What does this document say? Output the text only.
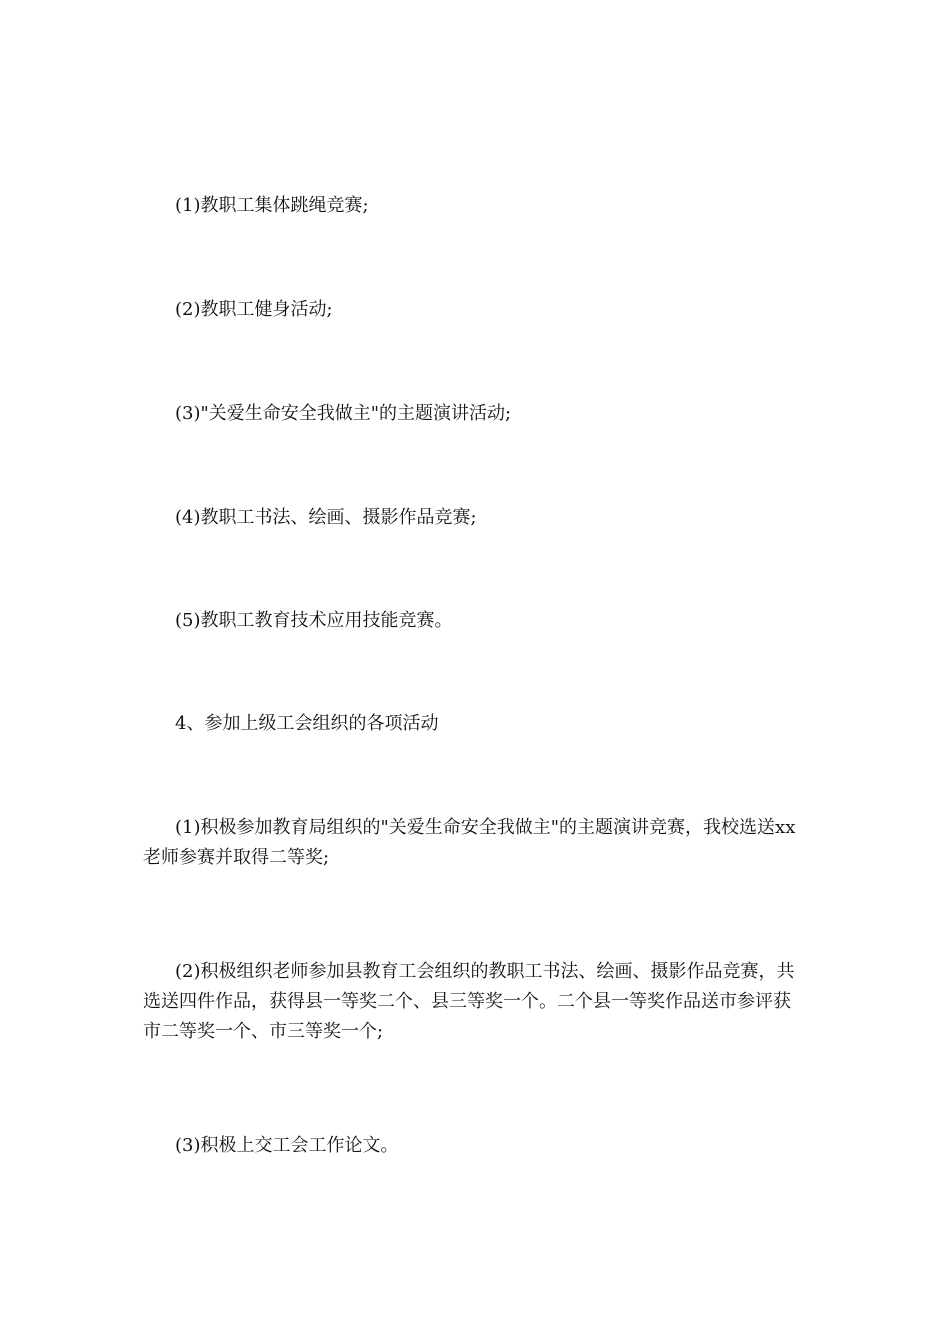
(1)教职工集体跳绳竞赛;

(2)教职工健身活动;

(3)"关爱生命安全我做主"的主题演讲活动;

(4)教职工书法、绘画、摄影作品竞赛;

(5)教职工教育技术应用技能竞赛。

4、参加上级工会组织的各项活动

(1)积极参加教育局组织的"关爱生命安全我做主"的主题演讲竞赛，我校选送xx老师参赛并取得二等奖;

(2)积极组织老师参加县教育工会组织的教职工书法、绘画、摄影作品竞赛，共选送四件作品，获得县一等奖二个、县三等奖一个。二个县一等奖作品送市参评获市二等奖一个、市三等奖一个;

(3)积极上交工会工作论文。
